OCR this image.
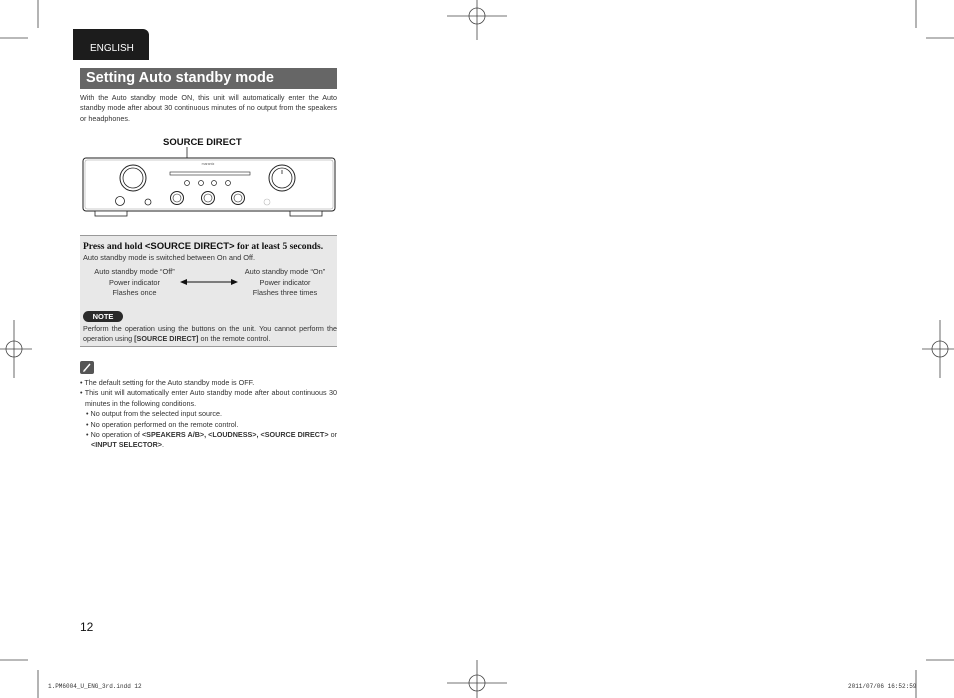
ENGLISH
Setting Auto standby mode
With the Auto standby mode ON, this unit will automatically enter the Auto standby mode after about 30 continuous minutes of no output from the speakers or headphones.
SOURCE DIRECT
marantz
Press and hold <SOURCE DIRECT> for at least 5 seconds.
Auto standby mode is switched between On and Off.
Auto standby mode “Off”
Power indicator
Flashes once
Auto standby mode “On”
Power indicator
Flashes three times
NOTE
Perform the operation using the buttons on the unit. You cannot perform the operation using [SOURCE DIRECT] on the remote control.
• The default setting for the Auto standby mode is OFF.
• This unit will automatically enter Auto standby mode after about continuous 30 minutes in the following conditions.
• No output from the selected input source.
• No operation performed on the remote control.
• No operation of <SPEAKERS A/B>, <LOUDNESS>, <SOURCE DIRECT> or <INPUT SELECTOR>.
12
1.PM6004_U_ENG_3rd.indd 12	2011/07/06 16:52:59
